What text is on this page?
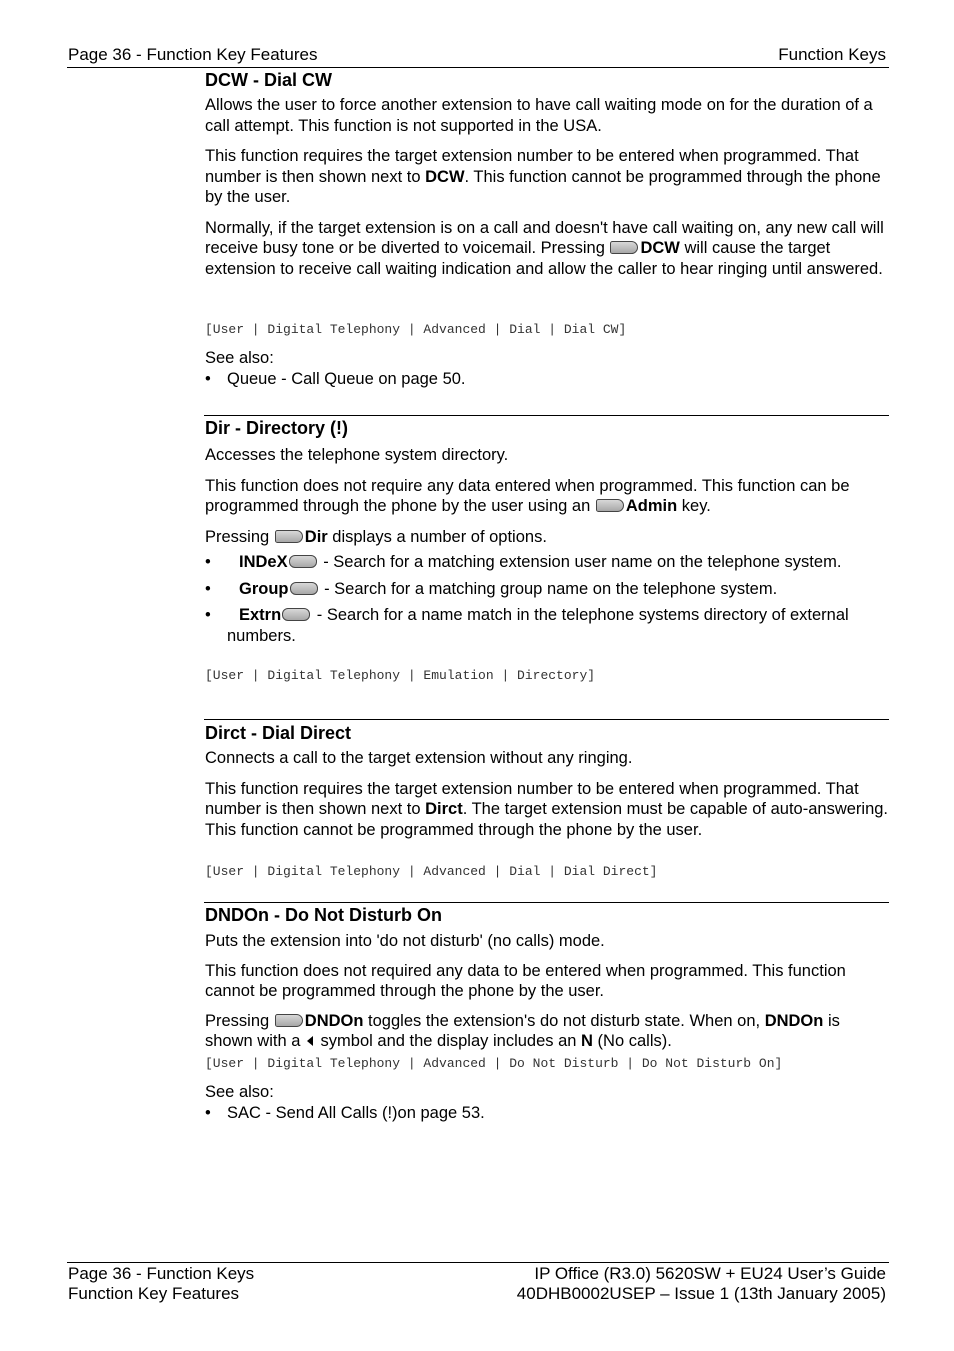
Page 36 - Function Key Features	Function Keys
DCW - Dial CW

Allows the user to force another extension to have call waiting mode on for the duration of a call attempt. This function is not supported in the USA.

This function requires the target extension number to be entered when programmed. That number is then shown next to DCW. This function cannot be programmed through the phone by the user.

Normally, if the target extension is on a call and doesn't have call waiting on, any new call will receive busy tone or be diverted to voicemail. Pressing DCW will cause the target extension to receive call waiting indication and allow the caller to hear ringing until answered.

[User | Digital Telephony | Advanced | Dial | Dial CW]

See also:

• Queue - Call Queue on page 50.
Dir - Directory (!)

Accesses the telephone system directory.

This function does not require any data entered when programmed. This function can be programmed through the phone by the user using an Admin key.

Pressing Dir displays a number of options.

• INDeX - Search for a matching extension user name on the telephone system.
• Group - Search for a matching group name on the telephone system.
• Extrn - Search for a name match in the telephone systems directory of external numbers.
[User | Digital Telephony | Emulation | Directory]
Dirct - Dial Direct

Connects a call to the target extension without any ringing.

This function requires the target extension number to be entered when programmed. That number is then shown next to Dirct. The target extension must be capable of auto-answering. This function cannot be programmed through the phone by the user.

[User | Digital Telephony | Advanced | Dial | Dial Direct]
DNDOn - Do Not Disturb On

Puts the extension into 'do not disturb' (no calls) mode.

This function does not required any data to be entered when programmed. This function cannot be programmed through the phone by the user.

Pressing DNDOn toggles the extension's do not disturb state. When on, DNDOn is shown with a  symbol and the display includes an N (No calls).

[User | Digital Telephony | Advanced | Do Not Disturb | Do Not Disturb On]

See also:

• SAC - Send All Calls (!)on page 53.
Page 36 - Function Keys
Function Key Features
IP Office (R3.0) 5620SW + EU24 User’s Guide
40DHB0002USEP – Issue 1 (13th January 2005)
